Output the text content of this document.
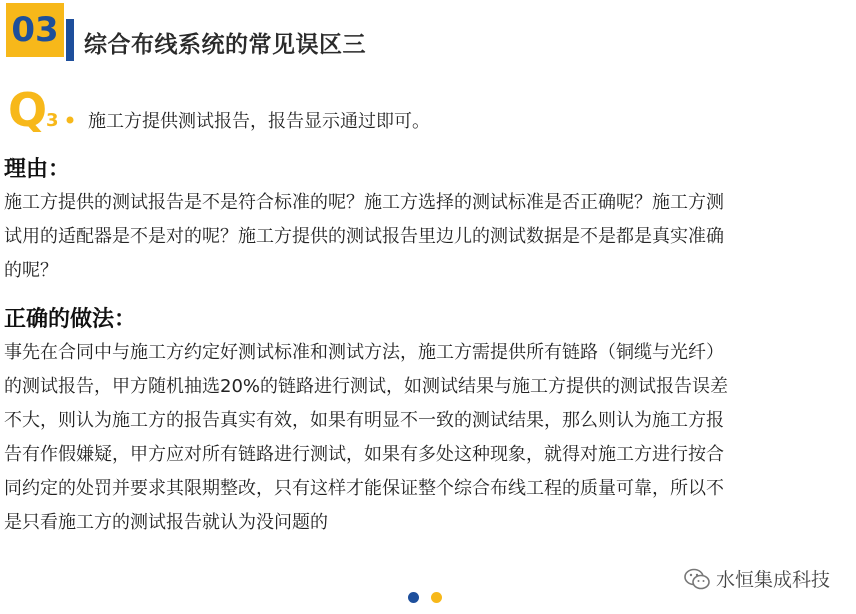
03 综合布线系统的常见误区三
Q
3 施工方提供测试报告，报告显示通过即可。
理由：
施工方提供的测试报告是不是符合标准的呢？施工方选择的测试标准是否正确呢？施工方测
试用的适配器是不是对的呢？施工方提供的测试报告里边儿的测试数据是不是都是真实准确
的呢？
正确的做法：
事先在合同中与施工方约定好测试标准和测试方法，施工方需提供所有链路（铜缆与光纤）
的测试报告，甲方随机抽选20%的链路进行测试，如测试结果与施工方提供的测试报告误差
不大，则认为施工方的报告真实有效，如果有明显不一致的测试结果，那么则认为施工方报
告有作假嫌疑，甲方应对所有链路进行测试，如果有多处这种现象，就得对施工方进行按合
同约定的处罚并要求其限期整改，只有这样才能保证整个综合布线工程的质量可靠，所以不
是只看施工方的测试报告就认为没问题的
水恒集成科技
